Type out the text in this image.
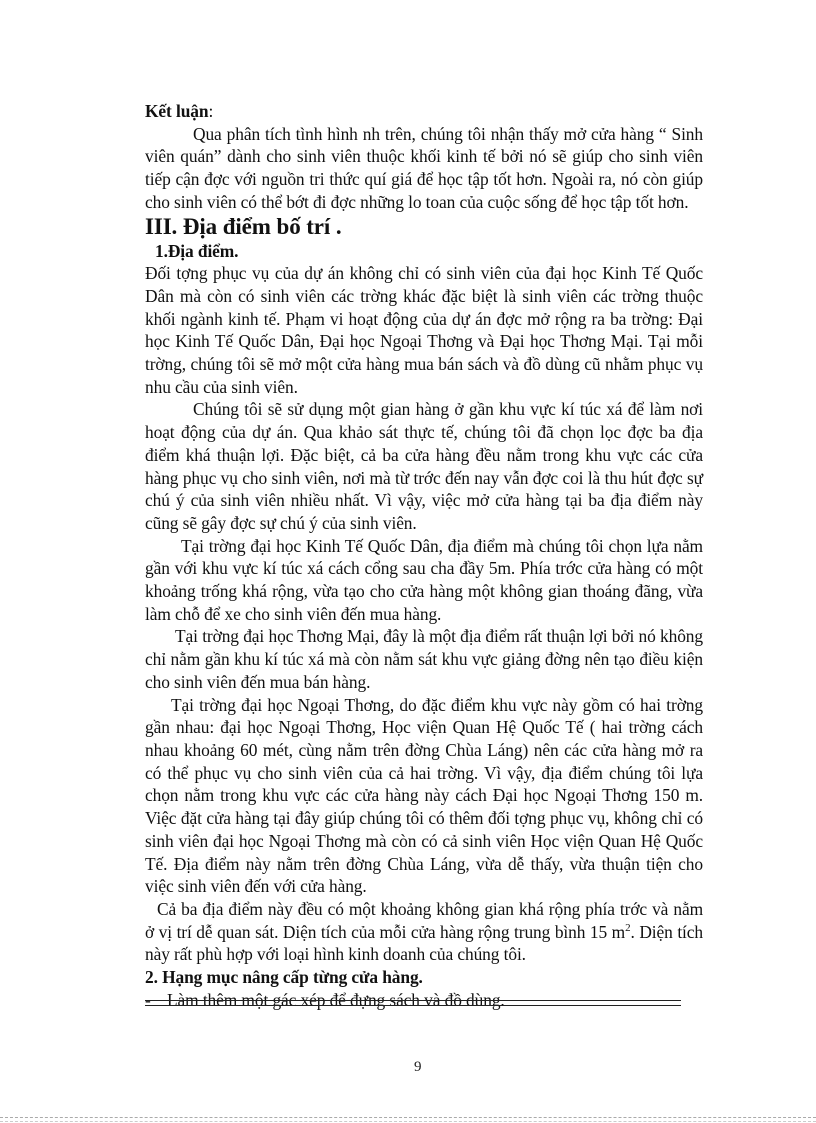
Kết luận:

Qua phân tích tình hình nh trên, chúng tôi nhận thấy mở cửa hàng “ Sinh viên quán” dành cho sinh viên thuộc khối kinh tế bởi nó sẽ giúp cho sinh viên tiếp cận đợc với nguồn tri thức quí giá để học tập tốt hơn. Ngoài ra, nó còn giúp cho sinh viên có thể bớt đi đợc những lo toan của cuộc sống để học tập tốt hơn.

III. Địa điểm bố trí .

1.Địa điểm.

Đối tợng phục vụ của dự án không chỉ có sinh viên của đại học Kinh Tế Quốc Dân mà còn có sinh viên các trờng khác đặc biệt là sinh viên các trờng thuộc khối ngành kinh tế. Phạm vi hoạt động của dự án đợc mở rộng ra ba trờng: Đại học Kinh Tế Quốc Dân, Đại học Ngoại Thơng và Đại học Thơng Mại. Tại mỗi trờng, chúng tôi sẽ mở một cửa hàng mua bán sách và đồ dùng cũ nhằm phục vụ nhu cầu của sinh viên.

Chúng tôi sẽ sử dụng một gian hàng ở gần khu vực kí túc xá để làm nơi hoạt động của dự án. Qua khảo sát thực tế, chúng tôi đã chọn lọc đợc ba địa điểm khá thuận lợi. Đặc biệt, cả ba cửa hàng đều nằm trong khu vực các cửa hàng phục vụ cho sinh viên, nơi mà từ trớc đến nay vẫn đợc coi là thu hút đợc sự chú ý của sinh viên nhiều nhất. Vì vậy, việc mở cửa hàng tại ba địa điểm này cũng sẽ gây đợc sự chú ý của sinh viên.

Tại trờng đại học Kinh Tế Quốc Dân, địa điểm mà chúng tôi chọn lựa nằm gần với khu vực kí túc xá cách cổng sau cha đầy 5m. Phía trớc cửa hàng có một khoảng trống khá rộng, vừa tạo cho cửa hàng một không gian thoáng đãng, vừa làm chỗ để xe cho sinh viên đến mua hàng.

Tại trờng đại học Thơng Mại, đây là một địa điểm rất thuận lợi bởi nó không chỉ nằm gần khu kí túc xá mà còn nằm sát khu vực giảng đờng nên tạo điều kiện cho sinh viên đến mua bán hàng.

Tại trờng đại học Ngoại Thơng, do đặc điểm khu vực này gồm có hai trờng gần nhau: đại học Ngoại Thơng, Học viện Quan Hệ Quốc Tế ( hai trờng cách nhau khoảng 60 mét, cùng nằm trên đờng Chùa Láng) nên các cửa hàng mở ra có thể phục vụ cho sinh viên của cả hai trờng. Vì vậy, địa điểm chúng tôi lựa chọn nằm trong khu vực các cửa hàng này cách Đại học Ngoại Thơng 150 m. Việc đặt cửa hàng tại đây giúp chúng tôi có thêm đối tợng phục vụ, không chỉ có sinh viên đại học Ngoại Thơng mà còn có cả sinh viên Học viện Quan Hệ Quốc Tế. Địa điểm này nằm trên đờng Chùa Láng, vừa dễ thấy, vừa thuận tiện cho việc sinh viên đến với cửa hàng.

Cả ba địa điểm này đều có một khoảng không gian khá rộng phía trớc và nằm ở vị trí dễ quan sát. Diện tích của mỗi cửa hàng rộng trung bình 15 $m^2$. Diện tích này rất phù hợp với loại hình kinh doanh của chúng tôi.

2. Hạng mục nâng cấp từng cửa hàng.

- Làm thêm một gác xép để đựng sách và đồ dùng.
9
